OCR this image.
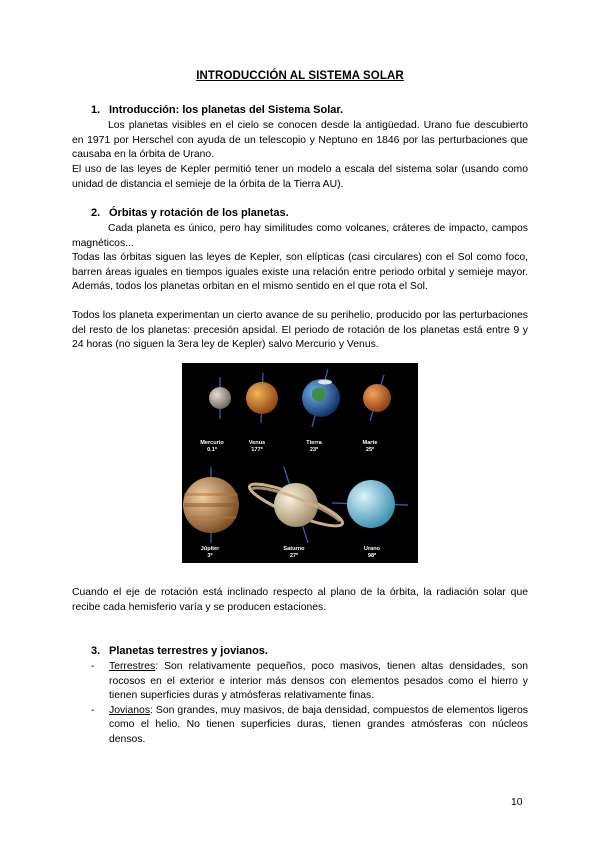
INTRODUCCIÓN AL SISTEMA SOLAR
1. Introducción: los planetas del Sistema Solar.
Los planetas visibles en el cielo se conocen desde la antigüedad. Urano fue descubierto en 1971 por Herschel con ayuda de un telescopio y Neptuno en 1846 por las perturbaciones que causaba en la órbita de Urano.
El uso de las leyes de Kepler permitió tener un modelo a escala del sistema solar (usando como unidad de distancia el semieje de la órbita de la Tierra AU).
2. Órbitas y rotación de los planetas.
Cada planeta es único, pero hay similitudes como volcanes, cráteres de impacto, campos magnéticos...
Todas las órbitas siguen las leyes de Kepler, son elípticas (casi circulares) con el Sol como foco, barren áreas iguales en tiempos iguales existe una relación entre periodo orbital y semieje mayor. Además, todos los planetas orbitan en el mismo sentido en el que rota el Sol.
Todos los planeta experimentan un cierto avance de su perihelio, producido por las perturbaciones del resto de los planetas: precesión apsidal. El periodo de rotación de los planetas está entre 9 y 24 horas (no siguen la 3era ley de Kepler) salvo Mercurio y Venus.
Mercurio
0.1º
Venus
177º
Tierra
23º
Marte
25º
Júpiter
3º
Saturno
27º
Urano
98º
Cuando el eje de rotación está inclinado respecto al plano de la órbita, la radiación solar que recibe cada hemisferio varía y se producen estaciones.
3. Planetas terrestres y jovianos.
- Terrestres: Son relativamente pequeños, poco masivos, tienen altas densidades, son rocosos en el exterior e interior más densos con elementos pesados como el hierro y tienen superficies duras y atmósferas relativamente finas.
- Jovianos: Son grandes, muy masivos, de baja densidad, compuestos de elementos ligeros como el helio. No tienen superficies duras, tienen grandes atmósferas con núcleos densos.
10
